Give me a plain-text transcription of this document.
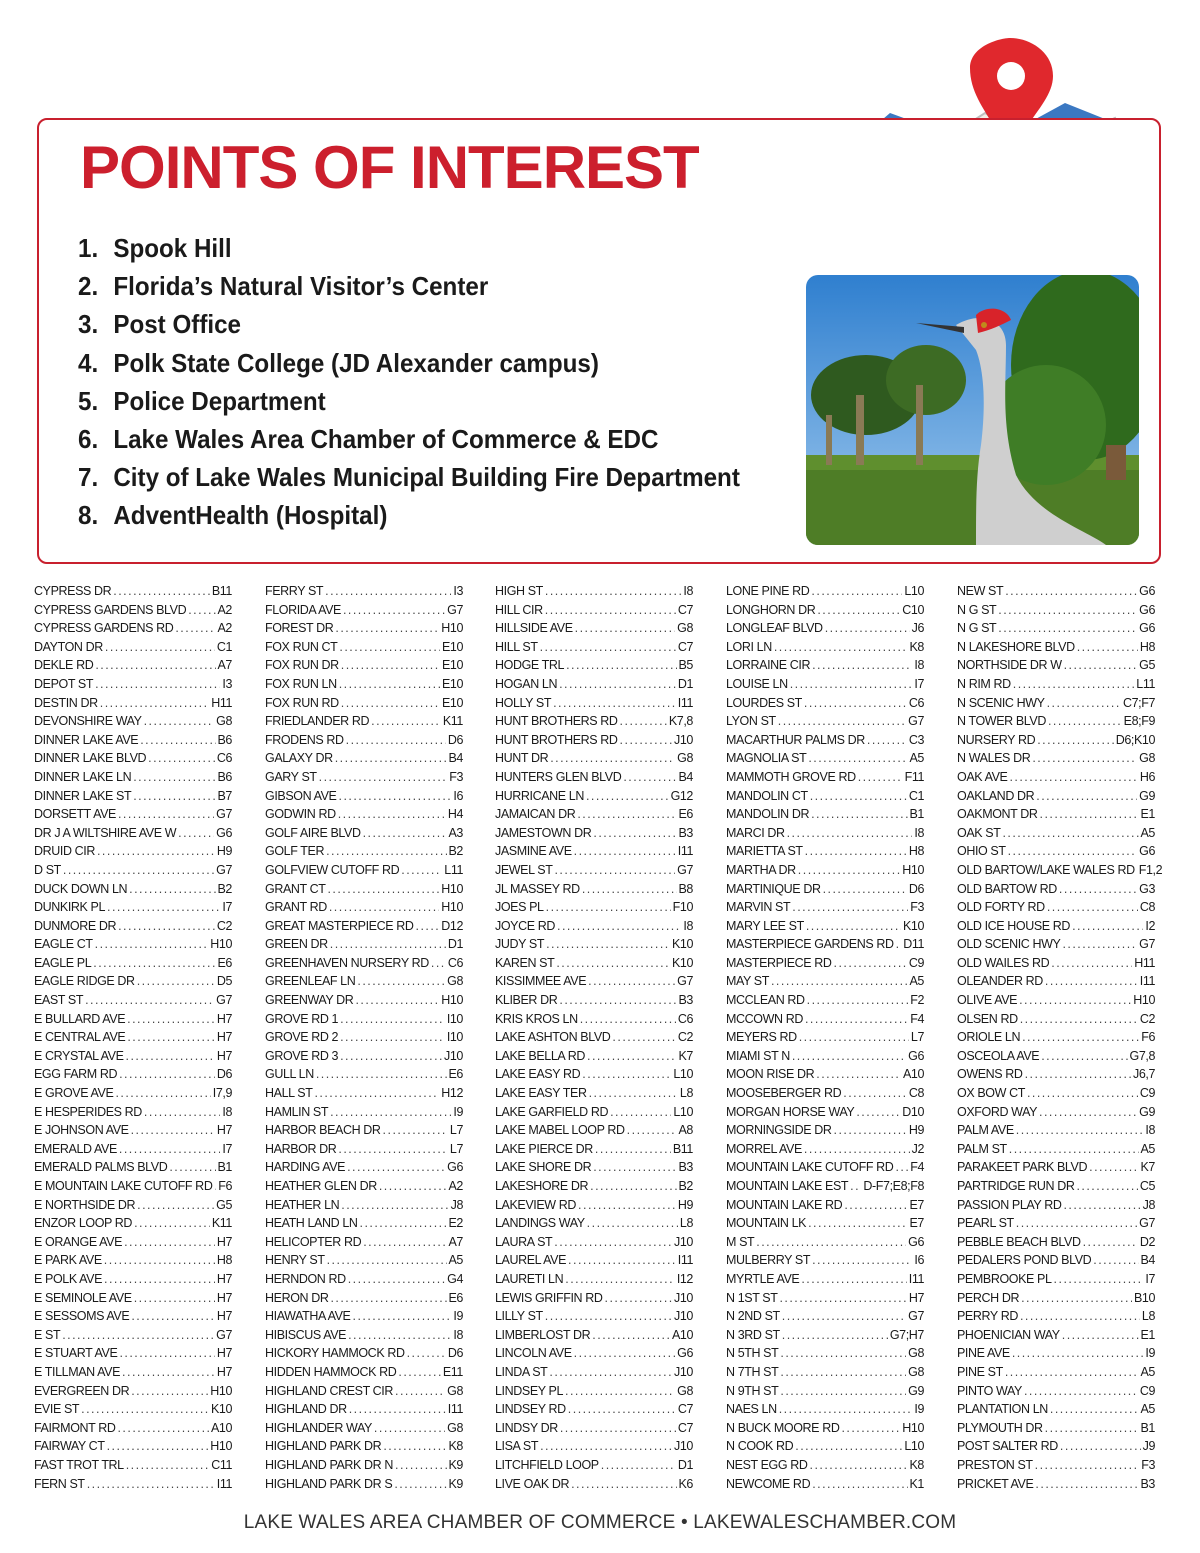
POINTS OF INTEREST
1. Spook Hill
2. Florida’s Natural Visitor’s Center
3. Post Office
4. Polk State College (JD Alexander campus)
5. Police Department
6. Lake Wales Area Chamber of Commerce & EDC
7. City of Lake Wales Municipal Building Fire Department
8. AdventHealth (Hospital)
CYPRESS DR . . .	B11
CYPRESS GARDENS BLVD . . .	A2
CYPRESS GARDENS RD . . .	A2
DAYTON DR . . .	C1
DEKLE RD . . .	A7
DEPOT ST . . .	I3
DESTIN DR . . .	H11
DEVONSHIRE WAY . . .	G8
DINNER LAKE AVE . . .	B6
DINNER LAKE BLVD . . .	C6
DINNER LAKE LN . . .	B6
DINNER LAKE ST . . .	B7
DORSETT AVE . . .	G7
DR J A WILTSHIRE AVE W . . .	G6
DRUID CIR . . .	H9
D ST . . .	G7
DUCK DOWN LN . . .	B2
DUNKIRK PL . . .	I7
DUNMORE DR . . .	C2
EAGLE CT . . .	H10
EAGLE PL . . .	E6
EAGLE RIDGE DR . . .	D5
EAST ST . . .	G7
E BULLARD AVE . . .	H7
E CENTRAL AVE . . .	H7
E CRYSTAL AVE . . .	H7
EGG FARM RD . . .	D6
E GROVE AVE . . .	I7,9
E HESPERIDES RD . . .	I8
E JOHNSON AVE . . .	H7
EMERALD AVE . . .	I7
EMERALD PALMS BLVD . . .	B1
E MOUNTAIN LAKE CUTOFF RD . . . F6
E NORTHSIDE DR . . .	G5
ENZOR LOOP RD . . .	K11
E ORANGE AVE . . .	H7
E PARK AVE . . .	H8
E POLK AVE . . .	H7
E SEMINOLE AVE . . .	H7
E SESSOMS AVE . . .	H7
E ST . . .	G7
E STUART AVE . . .	H7
E TILLMAN AVE . . .	H7
EVERGREEN DR . . .	H10
EVIE ST . . .	K10
FAIRMONT RD . . .	A10
FAIRWAY CT . . .	H10
FAST TROT TRL . . .	C11
FERN ST . . .	I11
FERRY ST . . .	I3
FLORIDA AVE . . .	G7
FOREST DR . . .	H10
FOX RUN CT . . .	E10
FOX RUN DR . . .	E10
FOX RUN LN . . .	E10
FOX RUN RD . . .	E10
FRIEDLANDER RD . . .	K11
FRODENS RD . . .	D6
GALAXY DR . . .	B4
GARY ST . . .	F3
GIBSON AVE . . .	I6
GODWIN RD . . .	H4
GOLF AIRE BLVD . . .	A3
GOLF TER . . .	B2
GOLFVIEW CUTOFF RD . . .	L11
GRANT CT . . .	H10
GRANT RD . . .	H10
GREAT MASTERPIECE RD . . . D12
GREEN DR . . .	D1
GREENHAVEN NURSERY RD . . . C6
GREENLEAF LN . . .	G8
GREENWAY DR . . .	H10
GROVE RD 1 . . .	I10
GROVE RD 2 . . .	I10
GROVE RD 3 . . .	J10
GULL LN . . .	E6
HALL ST . . .	H12
HAMLIN ST . . .	I9
HARBOR BEACH DR . . .	L7
HARBOR DR . . .	L7
HARDING AVE . . .	G6
HEATHER GLEN DR . . .	A2
HEATHER LN . . .	J8
HEATH LAND LN . . .	E2
HELICOPTER RD . . .	A7
HENRY ST . . .	A5
HERNDON RD . . .	G4
HERON DR . . .	E6
HIAWATHA AVE . . .	I9
HIBISCUS AVE . . .	I8
HICKORY HAMMOCK RD . . .	D6
HIDDEN HAMMOCK RD . . .	E11
HIGHLAND CREST CIR . . .	G8
HIGHLAND DR . . .	I11
HIGHLANDER WAY . . .	G8
HIGHLAND PARK DR . . .	K8
HIGHLAND PARK DR N . . .	K9
HIGHLAND PARK DR S . . .	K9
HIGH ST . . .	I8
HILL CIR . . .	C7
HILLSIDE AVE . . .	G8
HILL ST . . .	C7
HODGE TRL . . .	B5
HOGAN LN . . .	D1
HOLLY ST . . .	I11
HUNT BROTHERS RD . . .	K7,8
HUNT BROTHERS RD . . .	J10
HUNT DR . . .	G8
HUNTERS GLEN BLVD . . .	B4
HURRICANE LN . . .	G12
JAMAICAN DR . . .	E6
JAMESTOWN DR . . .	B3
JASMINE AVE . . .	I11
JEWEL ST . . .	G7
JL MASSEY RD . . .	B8
JOES PL . . .	F10
JOYCE RD . . .	I8
JUDY ST . . .	K10
KAREN ST . . .	K10
KISSIMMEE AVE . . .	G7
KLIBER DR . . .	B3
KRIS KROS LN . . .	C6
LAKE ASHTON BLVD . . .	C2
LAKE BELLA RD . . .	K7
LAKE EASY RD . . .	L10
LAKE EASY TER . . .	L8
LAKE GARFIELD RD . . .	L10
LAKE MABEL LOOP RD . . .	A8
LAKE PIERCE DR . . .	B11
LAKE SHORE DR . . .	B3
LAKESHORE DR . . .	B2
LAKEVIEW RD . . .	H9
LANDINGS WAY . . .	L8
LAURA ST . . .	J10
LAUREL AVE . . .	I11
LAURETI LN . . .	I12
LEWIS GRIFFIN RD . . .	J10
LILLY ST . . .	J10
LIMBERLOST DR . . .	A10
LINCOLN AVE . . .	G6
LINDA ST . . .	J10
LINDSEY PL . . .	G8
LINDSEY RD . . .	C7
LINDSY DR . . .	C7
LISA ST . . .	J10
LITCHFIELD LOOP . . .	D1
LIVE OAK DR . . .	K6
LONE PINE RD . . .	L10
LONGHORN DR . . .	C10
LONGLEAF BLVD . . .	J6
LORI LN . . .	K8
LORRAINE CIR . . .	I8
LOUISE LN . . .	I7
LOURDES ST . . .	C6
LYON ST . . .	G7
MACARTHUR PALMS DR . . .	C3
MAGNOLIA ST . . .	A5
MAMMOTH GROVE RD . . .	F11
MANDOLIN CT . . .	C1
MANDOLIN DR . . .	B1
MARCI DR . . .	I8
MARIETTA ST . . .	H8
MARTHA DR . . .	H10
MARTINIQUE DR . . .	D6
MARVIN ST . . .	F3
MARY LEE ST . . .	K10
MASTERPIECE GARDENS RD . . . D11
MASTERPIECE RD . . .	C9
MAY ST . . .	A5
MCCLEAN RD . . .	F2
MCCOWN RD . . .	F4
MEYERS RD . . .	L7
MIAMI ST N . . .	G6
MOON RISE DR . . .	A10
MOOSEBERGER RD . . .	C8
MORGAN HORSE WAY . . .	D10
MORNINGSIDE DR . . .	H9
MORREL AVE . . .	J2
MOUNTAIN LAKE CUTOFF RD . . . F4
MOUNTAIN LAKE EST . . . D-F7;E8;F8
MOUNTAIN LAKE RD . . .	E7
MOUNTAIN LK . . .	E7
M ST . . .	G6
MULBERRY ST . . .	I6
MYRTLE AVE . . .	I11
N 1ST ST . . .	H7
N 2ND ST . . .	G7
N 3RD ST . . .	G7;H7
N 5TH ST . . .	G8
N 7TH ST . . .	G8
N 9TH ST . . .	G9
NAES LN . . .	I9
N BUCK MOORE RD . . .	H10
N COOK RD . . .	L10
NEST EGG RD . . .	K8
NEWCOME RD . . .	K1
NEW ST . . .	G6
N G ST . . .	G6
N G ST . . .	G6
N LAKESHORE BLVD . . .	H8
NORTHSIDE DR W . . .	G5
N RIM RD . . .	L11
N SCENIC HWY . . .	C7;F7
N TOWER BLVD . . .	E8;F9
NURSERY RD . . .	D6;K10
N WALES DR . . .	G8
OAK AVE . . .	H6
OAKLAND DR . . .	G9
OAKMONT DR . . .	E1
OAK ST . . .	A5
OHIO ST . . .	G6
OLD BARTOW/LAKE WALES RD F1,2
OLD BARTOW RD . . .	G3
OLD FORTY RD . . .	C8
OLD ICE HOUSE RD . . .	I2
OLD SCENIC HWY . . .	G7
OLD WAILES RD . . .	H11
OLEANDER RD . . .	I11
OLIVE AVE . . .	H10
OLSEN RD . . .	C2
ORIOLE LN . . .	F6
OSCEOLA AVE . . .	G7,8
OWENS RD . . .	J6,7
OX BOW CT . . .	C9
OXFORD WAY . . .	G9
PALM AVE . . .	I8
PALM ST . . .	A5
PARAKEET PARK BLVD . . .	K7
PARTRIDGE RUN DR . . .	C5
PASSION PLAY RD . . .	J8
PEARL ST . . .	G7
PEBBLE BEACH BLVD . . .	D2
PEDALERS POND BLVD . . .	B4
PEMBROOKE PL . . .	I7
PERCH DR . . .	B10
PERRY RD . . .	L8
PHOENICIAN WAY . . .	E1
PINE AVE . . .	I9
PINE ST . . .	A5
PINTO WAY . . .	C9
PLANTATION LN . . .	A5
PLYMOUTH DR . . .	B1
POST SALTER RD . . .	J9
PRESTON ST . . .	F3
PRICKET AVE . . .	B3
LAKE WALES AREA CHAMBER OF COMMERCE • LAKEWALESCHAMBER.COM
